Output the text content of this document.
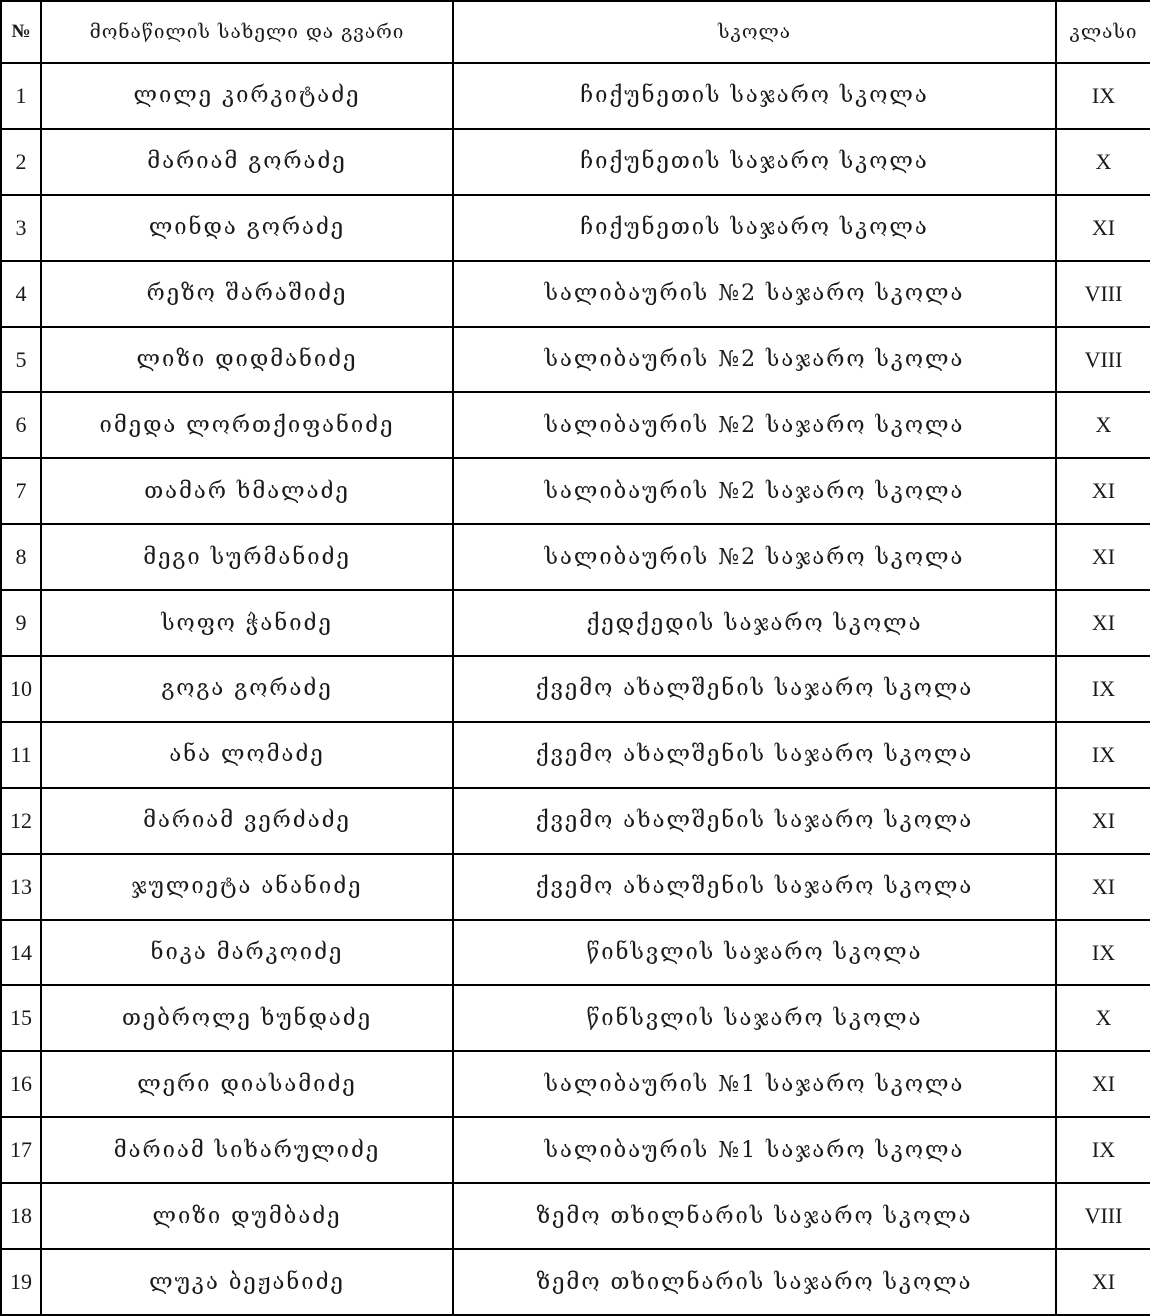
№	მონაწილის სახელი და გვარი	სკოლა	კლასი
1	ლილე კირკიტაძე	ჩიქუნეთის საჯარო სკოლა	IX
2	მარიამ გორაძე	ჩიქუნეთის საჯარო სკოლა	X
3	ლინდა გორაძე	ჩიქუნეთის საჯარო სკოლა	XI
4	რეზო შარაშიძე	სალიბაურის №2 საჯარო სკოლა	VIII
5	ლიზი დიდმანიძე	სალიბაურის №2 საჯარო სკოლა	VIII
6	იმედა ლორთქიფანიძე	სალიბაურის №2 საჯარო სკოლა	X
7	თამარ ხმალაძე	სალიბაურის №2 საჯარო სკოლა	XI
8	მეგი სურმანიძე	სალიბაურის №2 საჯარო სკოლა	XI
9	სოფო ჭანიძე	ქედქედის საჯარო სკოლა	XI
10	გოგა გორაძე	ქვემო ახალშენის საჯარო სკოლა	IX
11	ანა ლომაძე	ქვემო ახალშენის საჯარო სკოლა	IX
12	მარიამ ვერძაძე	ქვემო ახალშენის საჯარო სკოლა	XI
13	ჯულიეტა ანანიძე	ქვემო ახალშენის საჯარო სკოლა	XI
14	ნიკა მარკოიძე	წინსვლის საჯარო სკოლა	IX
15	თებროლე ხუნდაძე	წინსვლის საჯარო სკოლა	X
16	ლერი დიასამიძე	სალიბაურის №1 საჯარო სკოლა	XI
17	მარიამ სიხარულიძე	სალიბაურის №1 საჯარო სკოლა	IX
18	ლიზი დუმბაძე	ზემო თხილნარის საჯარო სკოლა	VIII
19	ლუკა ბეჟანიძე	ზემო თხილნარის საჯარო სკოლა	XI
